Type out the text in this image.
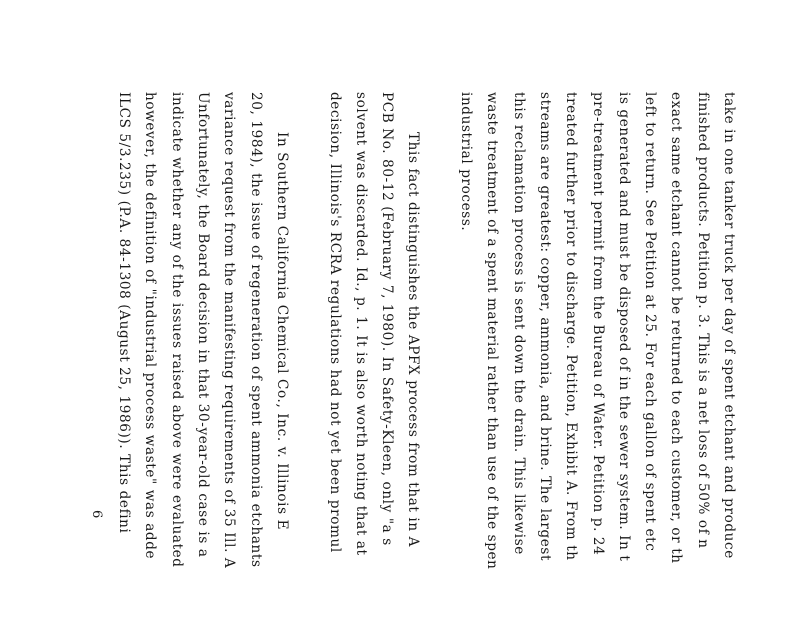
take in one tanker truck per day of spent etchant and produce
finished products. Petition p. 3. This is a net loss of 50% of n
exact same etchant cannot be returned to each customer, or th
left to return. See Petition at 25. For each gallon of spent etc
is generated and must be disposed of in the sewer system. In t
pre-treatment permit from the Bureau of Water. Petition p. 24
treated further prior to discharge. Petition, Exhibit A. From th
streams are greatest: copper, ammonia, and brine. The largest
this reclamation process is sent down the drain. This likewise
waste treatment of a spent material rather than use of the spen
industrial process.
This fact distinguishes the APFX process from that in A
PCB No. 80-12 (February 7, 1980). In Safety-Kleen, only "a s
solvent was discarded. Id., p. 1. It is also worth noting that at
decision, Illinois's RCRA regulations had not yet been promul
In Southern California Chemical Co., Inc. v. Illinois E
20, 1984), the issue of regeneration of spent ammonia etchants
variance request from the manifesting requirements of 35 Ill. A
Unfortunately, the Board decision in that 30-year-old case is a
indicate whether any of the issues raised above were evaluated
however, the definition of "industrial process waste" was adde
ILCS 5/3.235) (P.A. 84-1308 (August 25, 1986)). This defini
6
